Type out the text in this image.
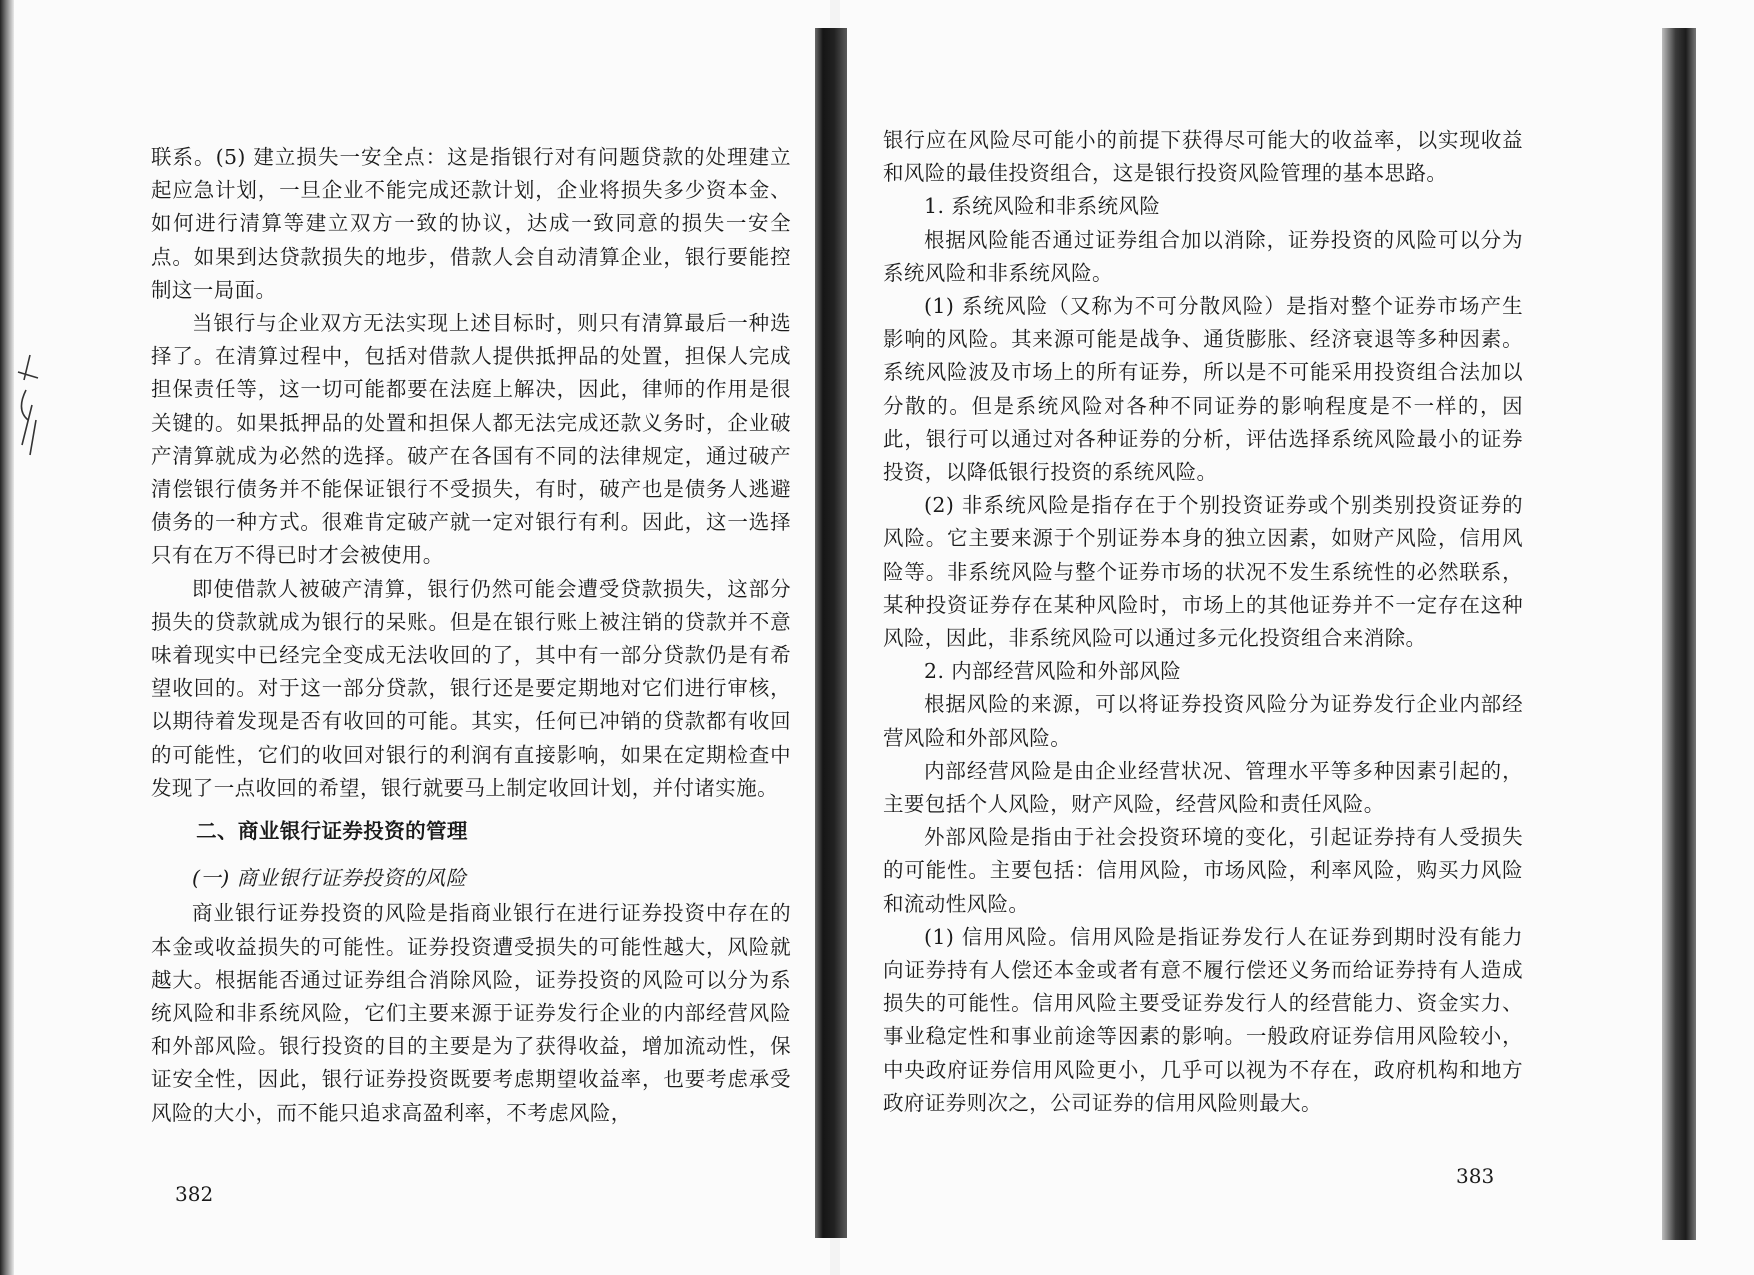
联系。(5) 建立损失一安全点：这是指银行对有问题贷款的处理建立起应急计划，一旦企业不能完成还款计划，企业将损失多少资本金、如何进行清算等建立双方一致的协议，达成一致同意的损失一安全点。如果到达贷款损失的地步，借款人会自动清算企业，银行要能控制这一局面。

当银行与企业双方无法实现上述目标时，则只有清算最后一种选择了。在清算过程中，包括对借款人提供抵押品的处置，担保人完成担保责任等，这一切可能都要在法庭上解决，因此，律师的作用是很关键的。如果抵押品的处置和担保人都无法完成还款义务时，企业破产清算就成为必然的选择。破产在各国有不同的法律规定，通过破产清偿银行债务并不能保证银行不受损失，有时，破产也是债务人逃避债务的一种方式。很难肯定破产就一定对银行有利。因此，这一选择只有在万不得已时才会被使用。

即使借款人被破产清算，银行仍然可能会遭受贷款损失，这部分损失的贷款就成为银行的呆账。但是在银行账上被注销的贷款并不意味着现实中已经完全变成无法收回的了，其中有一部分贷款仍是有希望收回的。对于这一部分贷款，银行还是要定期地对它们进行审核，以期待着发现是否有收回的可能。其实，任何已冲销的贷款都有收回的可能性，它们的收回对银行的利润有直接影响，如果在定期检查中发现了一点收回的希望，银行就要马上制定收回计划，并付诸实施。

二、商业银行证券投资的管理

(一) 商业银行证券投资的风险

商业银行证券投资的风险是指商业银行在进行证券投资中存在的本金或收益损失的可能性。证券投资遭受损失的可能性越大，风险就越大。根据能否通过证券组合消除风险，证券投资的风险可以分为系统风险和非系统风险，它们主要来源于证券发行企业的内部经营风险和外部风险。银行投资的目的主要是为了获得收益，增加流动性，保证安全性，因此，银行证券投资既要考虑期望收益率，也要考虑承受风险的大小，而不能只追求高盈利率，不考虑风险，

382

银行应在风险尽可能小的前提下获得尽可能大的收益率，以实现收益和风险的最佳投资组合，这是银行投资风险管理的基本思路。

1. 系统风险和非系统风险

根据风险能否通过证券组合加以消除，证券投资的风险可以分为系统风险和非系统风险。

(1) 系统风险（又称为不可分散风险）是指对整个证券市场产生影响的风险。其来源可能是战争、通货膨胀、经济衰退等多种因素。系统风险波及市场上的所有证券，所以是不可能采用投资组合法加以分散的。但是系统风险对各种不同证券的影响程度是不一样的，因此，银行可以通过对各种证券的分析，评估选择系统风险最小的证券投资，以降低银行投资的系统风险。

(2) 非系统风险是指存在于个别投资证券或个别类别投资证券的风险。它主要来源于个别证券本身的独立因素，如财产风险，信用风险等。非系统风险与整个证券市场的状况不发生系统性的必然联系，某种投资证券存在某种风险时，市场上的其他证券并不一定存在这种风险，因此，非系统风险可以通过多元化投资组合来消除。

2. 内部经营风险和外部风险

根据风险的来源，可以将证券投资风险分为证券发行企业内部经营风险和外部风险。

内部经营风险是由企业经营状况、管理水平等多种因素引起的，主要包括个人风险，财产风险，经营风险和责任风险。

外部风险是指由于社会投资环境的变化，引起证券持有人受损失的可能性。主要包括：信用风险，市场风险，利率风险，购买力风险和流动性风险。

(1) 信用风险。信用风险是指证券发行人在证券到期时没有能力向证券持有人偿还本金或者有意不履行偿还义务而给证券持有人造成损失的可能性。信用风险主要受证券发行人的经营能力、资金实力、事业稳定性和事业前途等因素的影响。一般政府证券信用风险较小，中央政府证券信用风险更小，几乎可以视为不存在，政府机构和地方政府证券则次之，公司证券的信用风险则最大。

383
